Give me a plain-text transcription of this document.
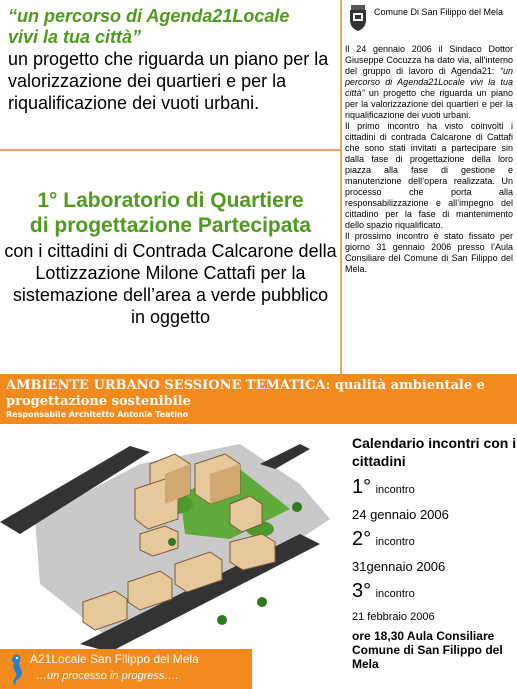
“un percorso di Agenda21Locale
vivi la tua città”
un progetto che riguarda un piano per la valorizzazione dei quartieri e per la riqualificazione dei vuoti urbani.
1° Laboratorio di Quartiere
di progettazione Partecipata
con i cittadini di Contrada Calcarone della Lottizzazione Milone Cattafi per la sistemazione dell’area a verde pubblico in oggetto
Comune Di San Filippo del Mela

Il 24 gennaio 2006 il Sindaco Dottor Giuseppe Cocuzza ha dato via, all’interno del gruppo di lavoro di Agenda21: “un percorso di Agenda21Locale vivi la tua città” un progetto che riguarda un piano per la valorizzazione dei quartieri e per la riqualificazione dei vuoti urbani.

Il primo incontro ha visto coinvolti i cittadini di contrada Calcarone di Cattafi che sono stati invitati a partecipare sin dalla fase di progettazione della loro piazza alla fase di gestione e manutenzione dell’opera realizzata. Un processo che porta alla responsabilizzazione e all’impegno del cittadino per la fase di mantenimento dello spazio riqualificato.

Il prossimo incontro è stato fissato per giorno 31 gennaio 2006 presso l’Aula Consiliare del Comune di San Filippo del Mela.

AMBIENTE URBANO SESSIONE TEMATICA: qualità ambientale e progettazione sostenibile
Responsabile Architetto Antonia Teatino
Calendario incontri con i cittadini
1° incontro
24 gennaio 2006
2° incontro
31gennaio 2006
3° incontro
21 febbraio 2006
ore 18,30 Aula Consiliare Comune di San Filippo del Mela
A21Locale San Filippo del Mela
…un processo in progress….
